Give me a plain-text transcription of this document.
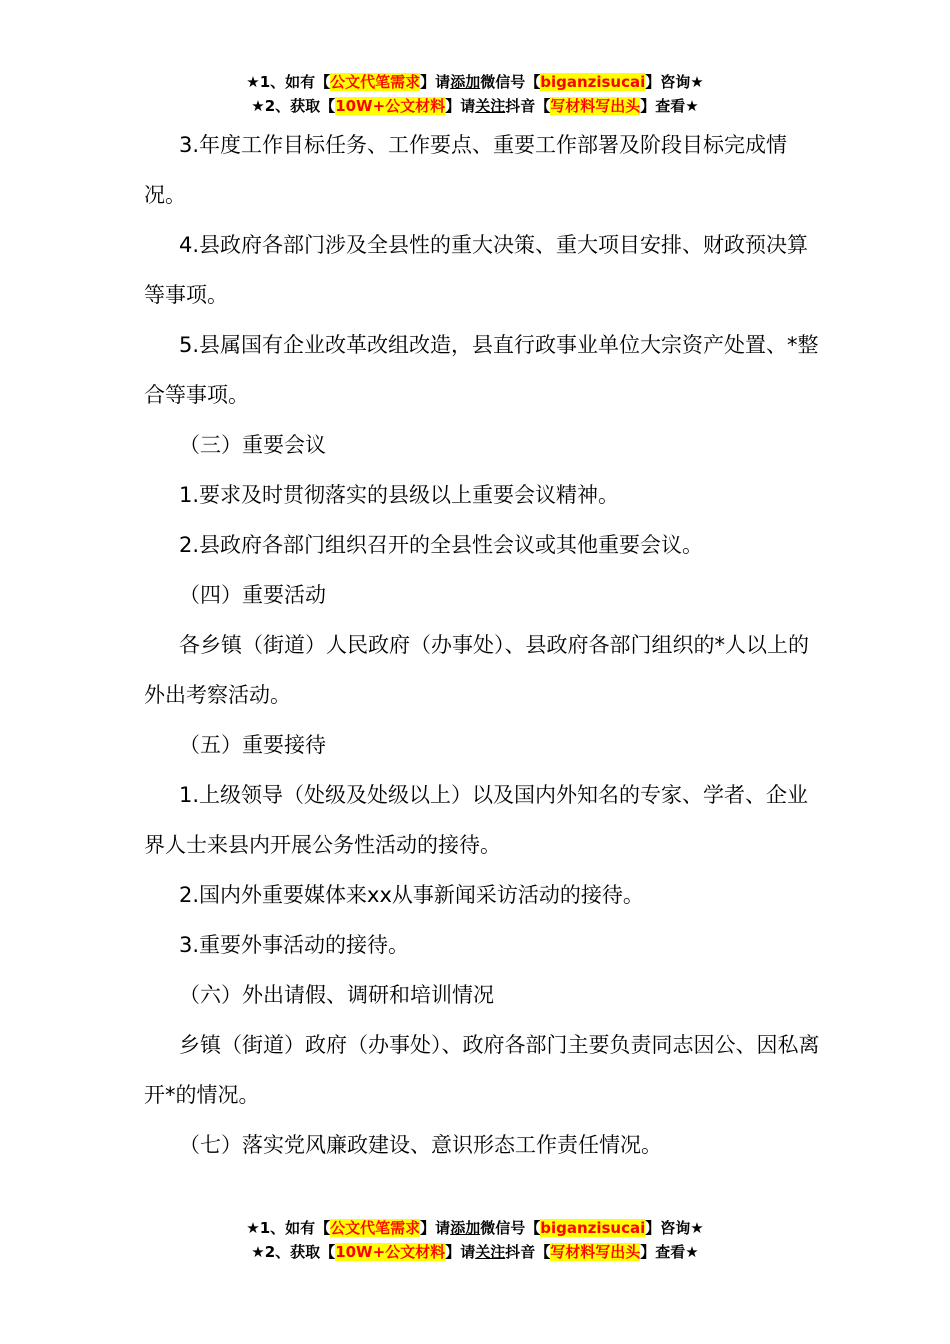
★1、如有【公文代笔需求】请添加微信号【biganzisucai】咨询★
★2、获取【10W+公文材料】请关注抖音【写材料写出头】查看★

3.年度工作目标任务、工作要点、重要工作部署及阶段目标完成情况。

4.县政府各部门涉及全县性的重大决策、重大项目安排、财政预决算等事项。

5.县属国有企业改革改组改造，县直行政事业单位大宗资产处置、*整合等事项。

（三）重要会议

1.要求及时贯彻落实的县级以上重要会议精神。

2.县政府各部门组织召开的全县性会议或其他重要会议。

（四）重要活动

各乡镇（街道）人民政府（办事处）、县政府各部门组织的*人以上的外出考察活动。

（五）重要接待

1.上级领导（处级及处级以上）以及国内外知名的专家、学者、企业界人士来县内开展公务性活动的接待。

2.国内外重要媒体来xx从事新闻采访活动的接待。

3.重要外事活动的接待。

（六）外出请假、调研和培训情况

乡镇（街道）政府（办事处）、政府各部门主要负责同志因公、因私离开*的情况。

（七）落实党风廉政建设、意识形态工作责任情况。

★1、如有【公文代笔需求】请添加微信号【biganzisucai】咨询★
★2、获取【10W+公文材料】请关注抖音【写材料写出头】查看★
